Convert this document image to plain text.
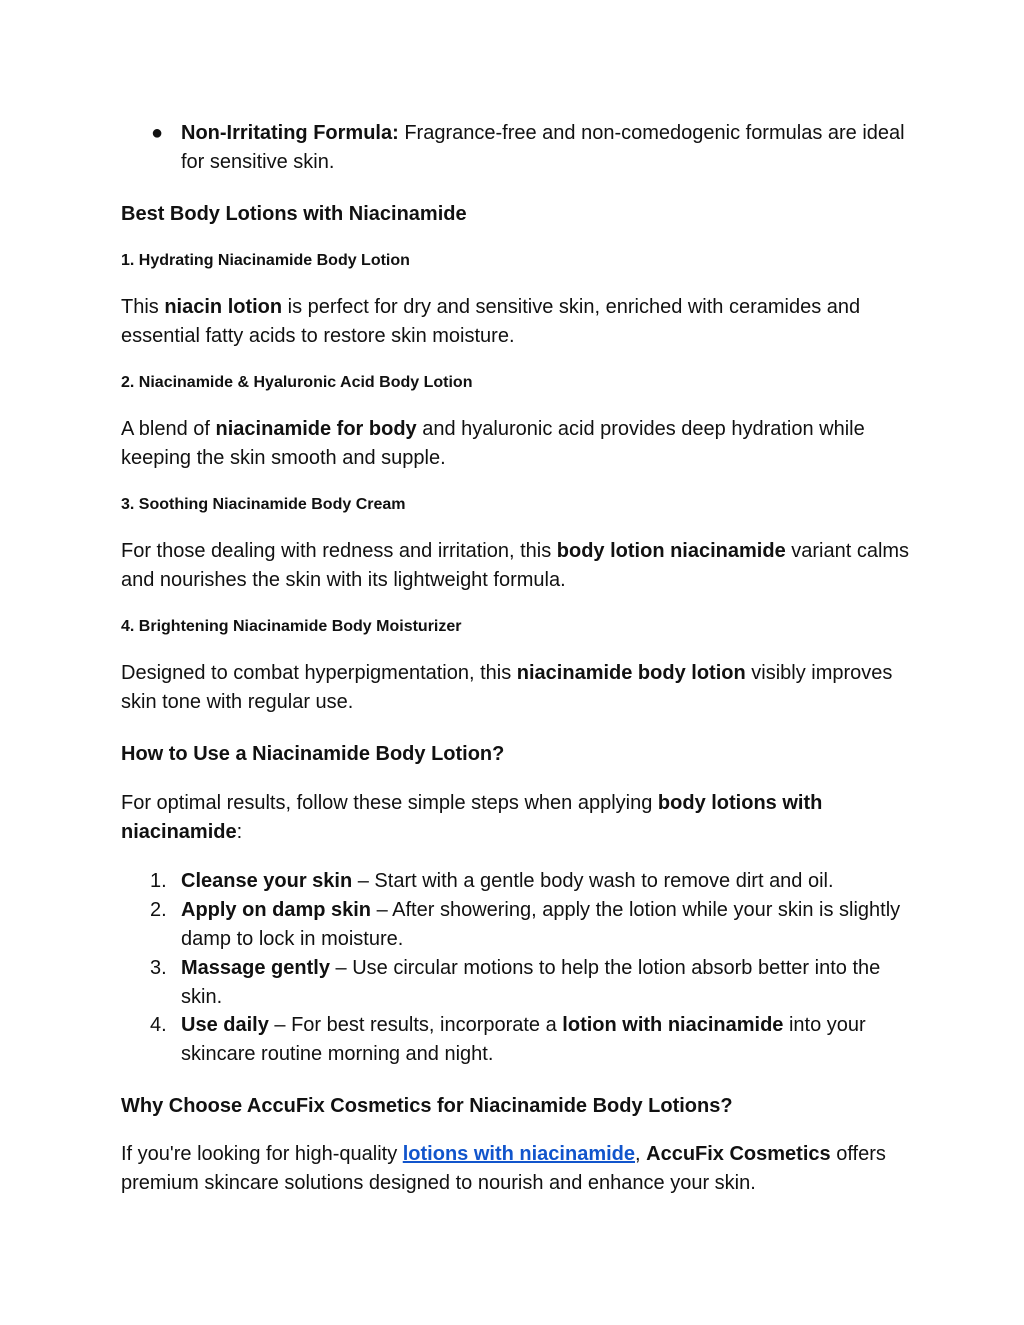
● Non-Irritating Formula: Fragrance-free and non-comedogenic formulas are ideal for sensitive skin.

Best Body Lotions with Niacinamide
1. Hydrating Niacinamide Body Lotion

This niacin lotion is perfect for dry and sensitive skin, enriched with ceramides and essential fatty acids to restore skin moisture.

2. Niacinamide & Hyaluronic Acid Body Lotion

A blend of niacinamide for body and hyaluronic acid provides deep hydration while keeping the skin smooth and supple.

3. Soothing Niacinamide Body Cream

For those dealing with redness and irritation, this body lotion niacinamide variant calms and nourishes the skin with its lightweight formula.

4. Brightening Niacinamide Body Moisturizer

Designed to combat hyperpigmentation, this niacinamide body lotion visibly improves skin tone with regular use.

How to Use a Niacinamide Body Lotion?

For optimal results, follow these simple steps when applying body lotions with niacinamide:

1. Cleanse your skin – Start with a gentle body wash to remove dirt and oil.

2. Apply on damp skin – After showering, apply the lotion while your skin is slightly damp to lock in moisture.

3. Massage gently – Use circular motions to help the lotion absorb better into the skin.

4. Use daily – For best results, incorporate a lotion with niacinamide into your skincare routine morning and night.

Why Choose AccuFix Cosmetics for Niacinamide Body Lotions?

If you're looking for high-quality lotions with niacinamide, AccuFix Cosmetics offers premium skincare solutions designed to nourish and enhance your skin.
